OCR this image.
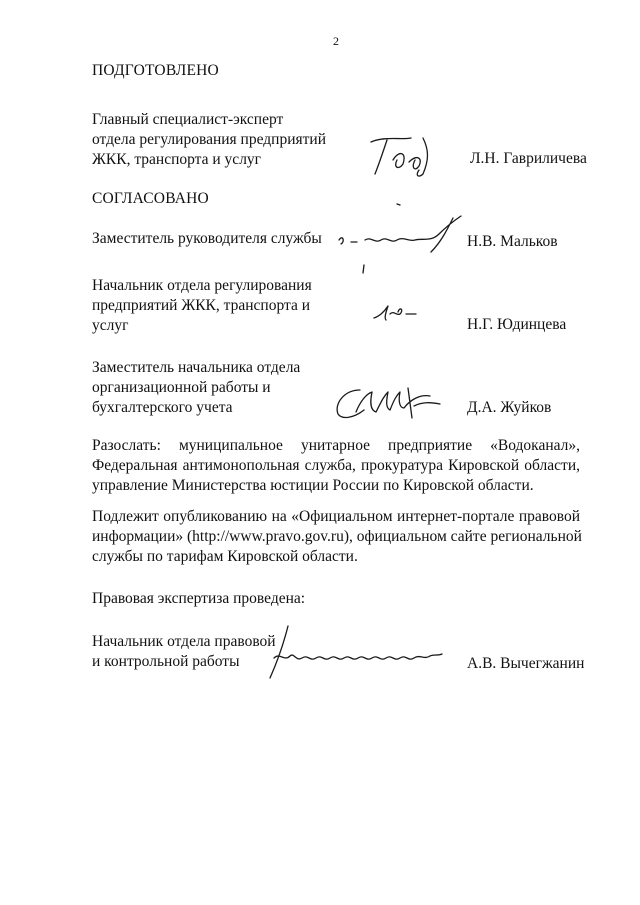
2
ПОДГОТОВЛЕНО
Главный специалист-эксперт
отдела регулирования предприятий
ЖКК, транспорта и услуг	Л.Н. Гавриличева
СОГЛАСОВАНО
Заместитель руководителя службы	Н.В. Мальков
Начальник отдела регулирования
предприятий ЖКК, транспорта и
услуг	Н.Г. Юдинцева
Заместитель начальника отдела
организационной работы и
бухгалтерского учета	Д.А. Жуйков
Разослать: муниципальное унитарное предприятие «Водоканал»,
Федеральная антимонопольная служба, прокуратура Кировской области,
управление Министерства юстиции России по Кировской области.
Подлежит опубликованию на «Официальном интернет-портале правовой
информации» (http://www.pravo.gov.ru), официальном сайте региональной
службы по тарифам Кировской области.
Правовая экспертиза проведена:
Начальник отдела правовой
и контрольной работы	А.В. Вычегжанин
